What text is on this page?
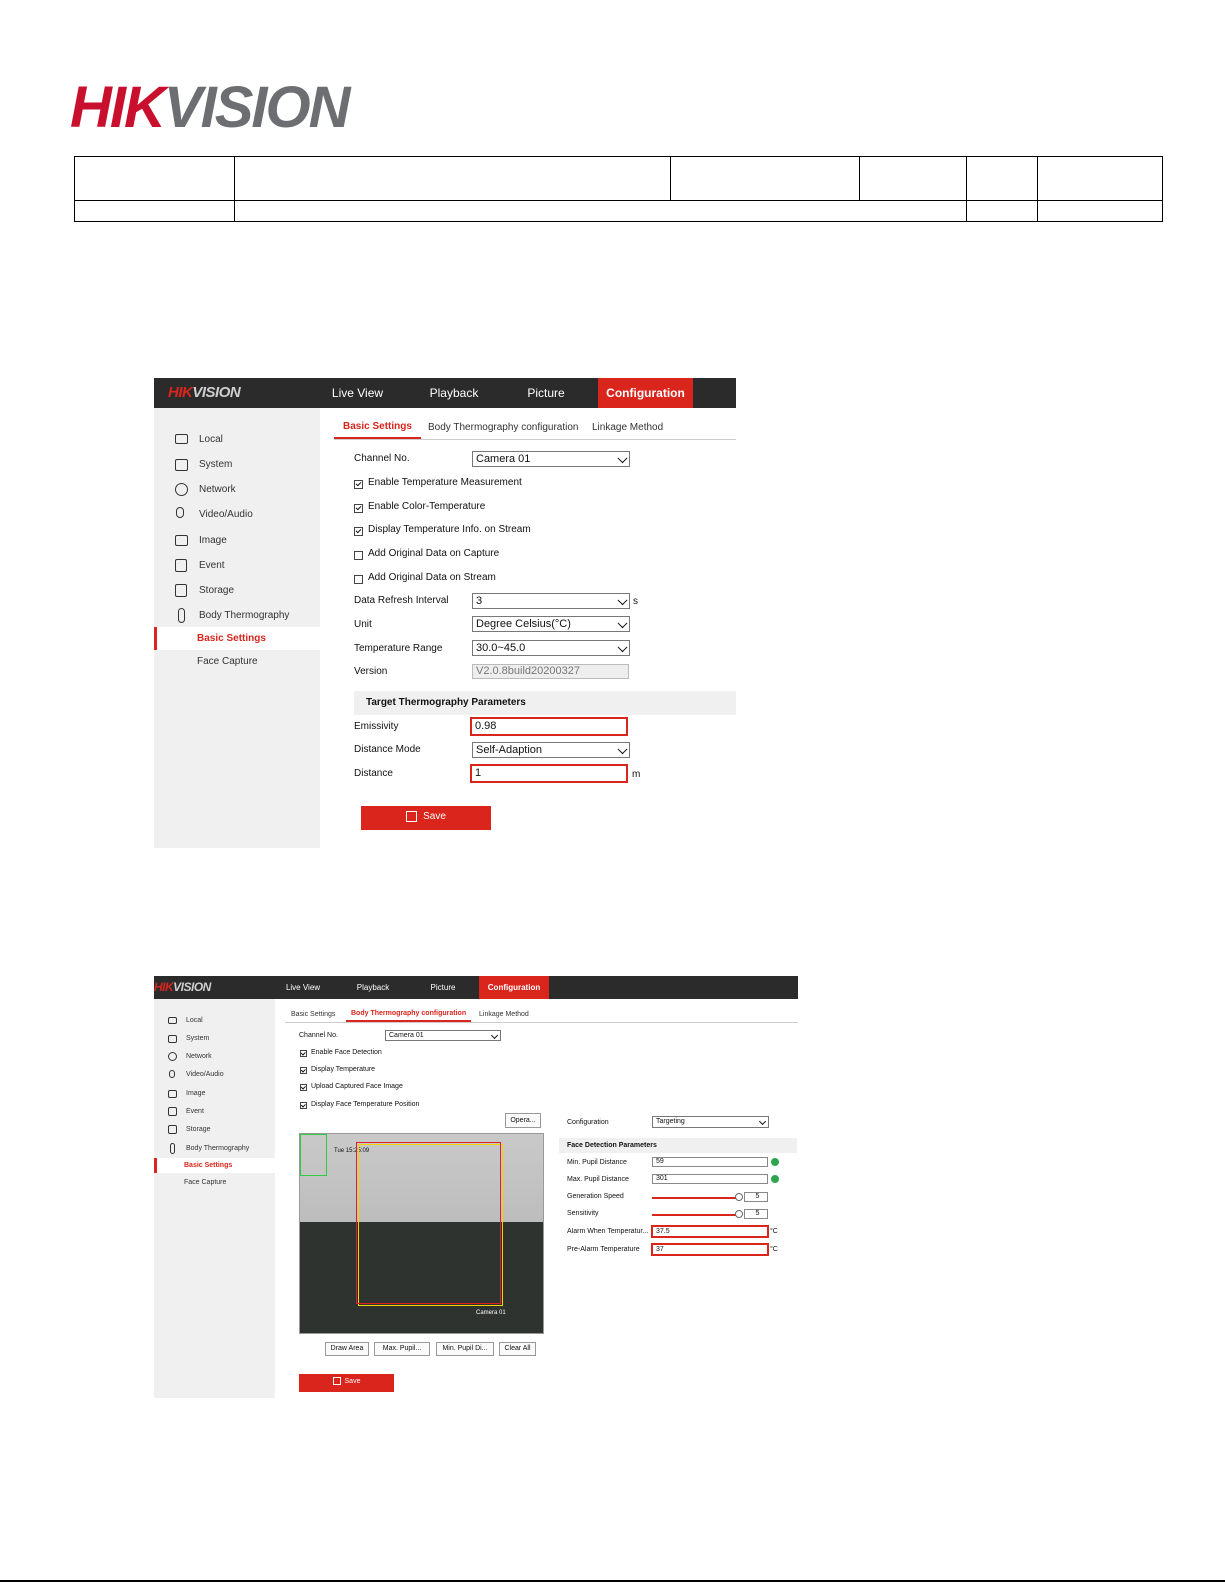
HIKVISION

HIKVISION	Live View	Playback	Picture	Configuration
Local
System
Network
Video/Audio
Image
Event
Storage
Body Thermography
Basic Settings
Face Capture
Basic Settings	Body Thermography configuration Linkage Method
Channel No.	Camera 01
Enable Temperature Measurement
Enable Color-Temperature
Display Temperature Info. on Stream
Add Original Data on Capture
Add Original Data on Stream
Data Refresh Interval	3	s
Unit	Degree Celsius(°C)
Temperature Range	30.0~45.0
Version	V2.0.8build20200327
Target Thermography Parameters
Emissivity	0.98
Distance Mode	Self-Adaption
Distance	1	m
Save
HIKVISION	Live View	Playback	Picture	Configuration
Local
System
Network
Video/Audio
Image
Event
Storage
Body Thermography
Basic Settings
Face Capture
Basic Settings	Body Thermography configuration	Linkage Method
Channel No.	Camera 01
Enable Face Detection
Display Temperature
Upload Captured Face Image
Display Face Temperature Position
Opera...
Tue 15:25:09
Camera 01
Draw Area	Max. Pupil...	Min. Pupil Di...	Clear All
Save
Configuration	Targeting
Face Detection Parameters
Min. Pupil Distance	59
Max. Pupil Distance	301
Generation Speed	5
Sensitivity	5
Alarm When Temperatur...	37.5	°C
Pre-Alarm Temperature	37	°C
